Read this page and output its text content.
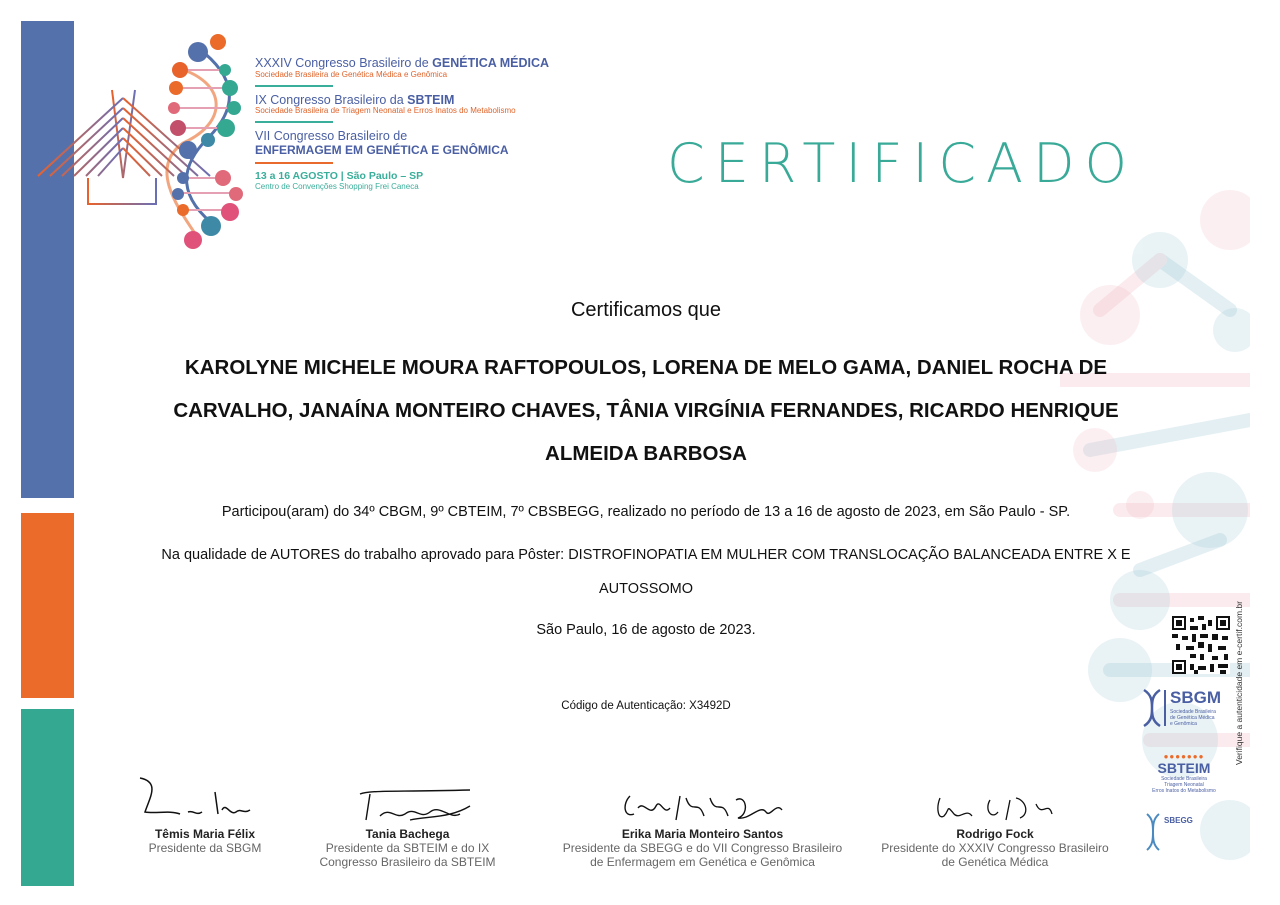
XXXIV Congresso Brasileiro de GENÉTICA MÉDICA
Sociedade Brasileira de Genética Médica e Genômica
IX Congresso Brasileiro da SBTEIM
Sociedade Brasileira de Triagem Neonatal e Erros Inatos do Metabolismo
VII Congresso Brasileiro de
ENFERMAGEM EM GENÉTICA E GENÔMICA
13 a 16 AGOSTO | São Paulo – SP
Centro de Convenções Shopping Frei Caneca	CERTIFICADO
Certificamos que
KAROLYNE MICHELE MOURA RAFTOPOULOS, LORENA DE MELO GAMA, DANIEL ROCHA DE CARVALHO, JANAÍNA MONTEIRO CHAVES, TÂNIA VIRGÍNIA FERNANDES, RICARDO HENRIQUE ALMEIDA BARBOSA
Participou(aram) do 34º CBGM, 9º CBTEIM, 7º CBSBEGG, realizado no período de 13 a 16 de agosto de 2023, em São Paulo - SP.
Na qualidade de AUTORES do trabalho aprovado para Pôster: DISTROFINOPATIA EM MULHER COM TRANSLOCAÇÃO BALANCEADA ENTRE X E AUTOSSOMO
São Paulo, 16 de agosto de 2023.
Código de Autenticação: X3492D
Têmis Maria Félix
Presidente da SBGM
Tania Bachega
Presidente da SBTEIM e do IX
Congresso Brasileiro da SBTEIM
Erika Maria Monteiro Santos
Presidente da SBEGG e do VII Congresso Brasileiro
de Enfermagem em Genética e Genômica
Rodrigo Fock
Presidente do XXXIV Congresso Brasileiro
de Genética Médica
Verifique a autenticidade em e-certif.com.br
SBGM
Sociedade Brasileira
de Genética Médica
e Genômica
●●●●●●●
SBTEIM
Sociedade Brasileira
Triagem Neonatal
Erros Inatos do Metabolismo
SBEGG
